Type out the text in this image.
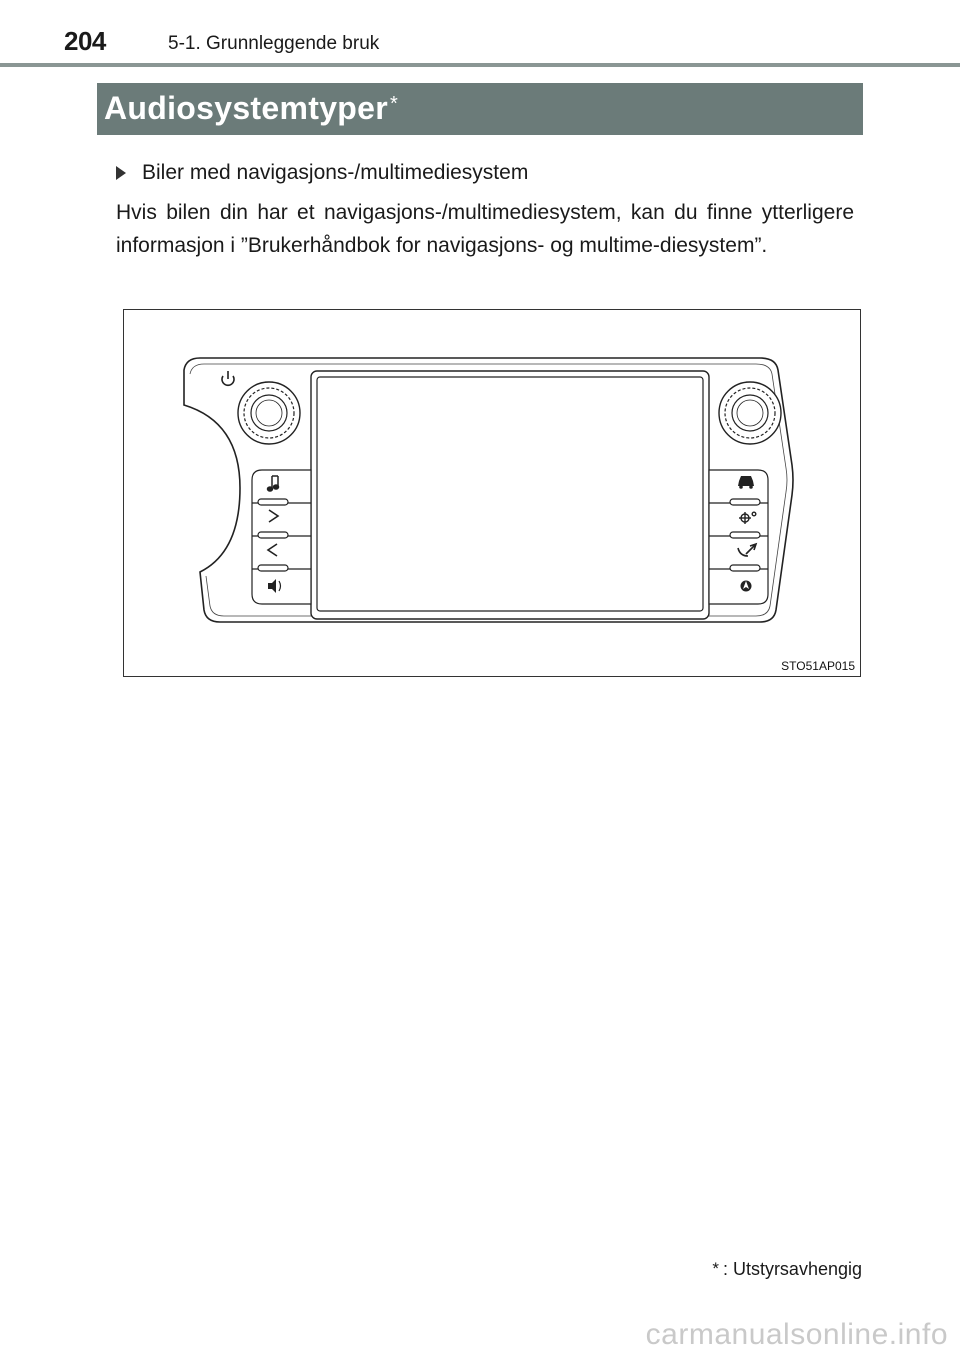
204	5-1. Grunnleggende bruk
Audiosystemtyper *
Biler med navigasjons-/multimediesystem
Hvis bilen din har et navigasjons-/multimediesystem, kan du finne ytterligere informasjon i ”Brukerhåndbok for navigasjons- og multime-diesystem”.
STO51AP015
* : Utstyrsavhengig
carmanualsonline.info
